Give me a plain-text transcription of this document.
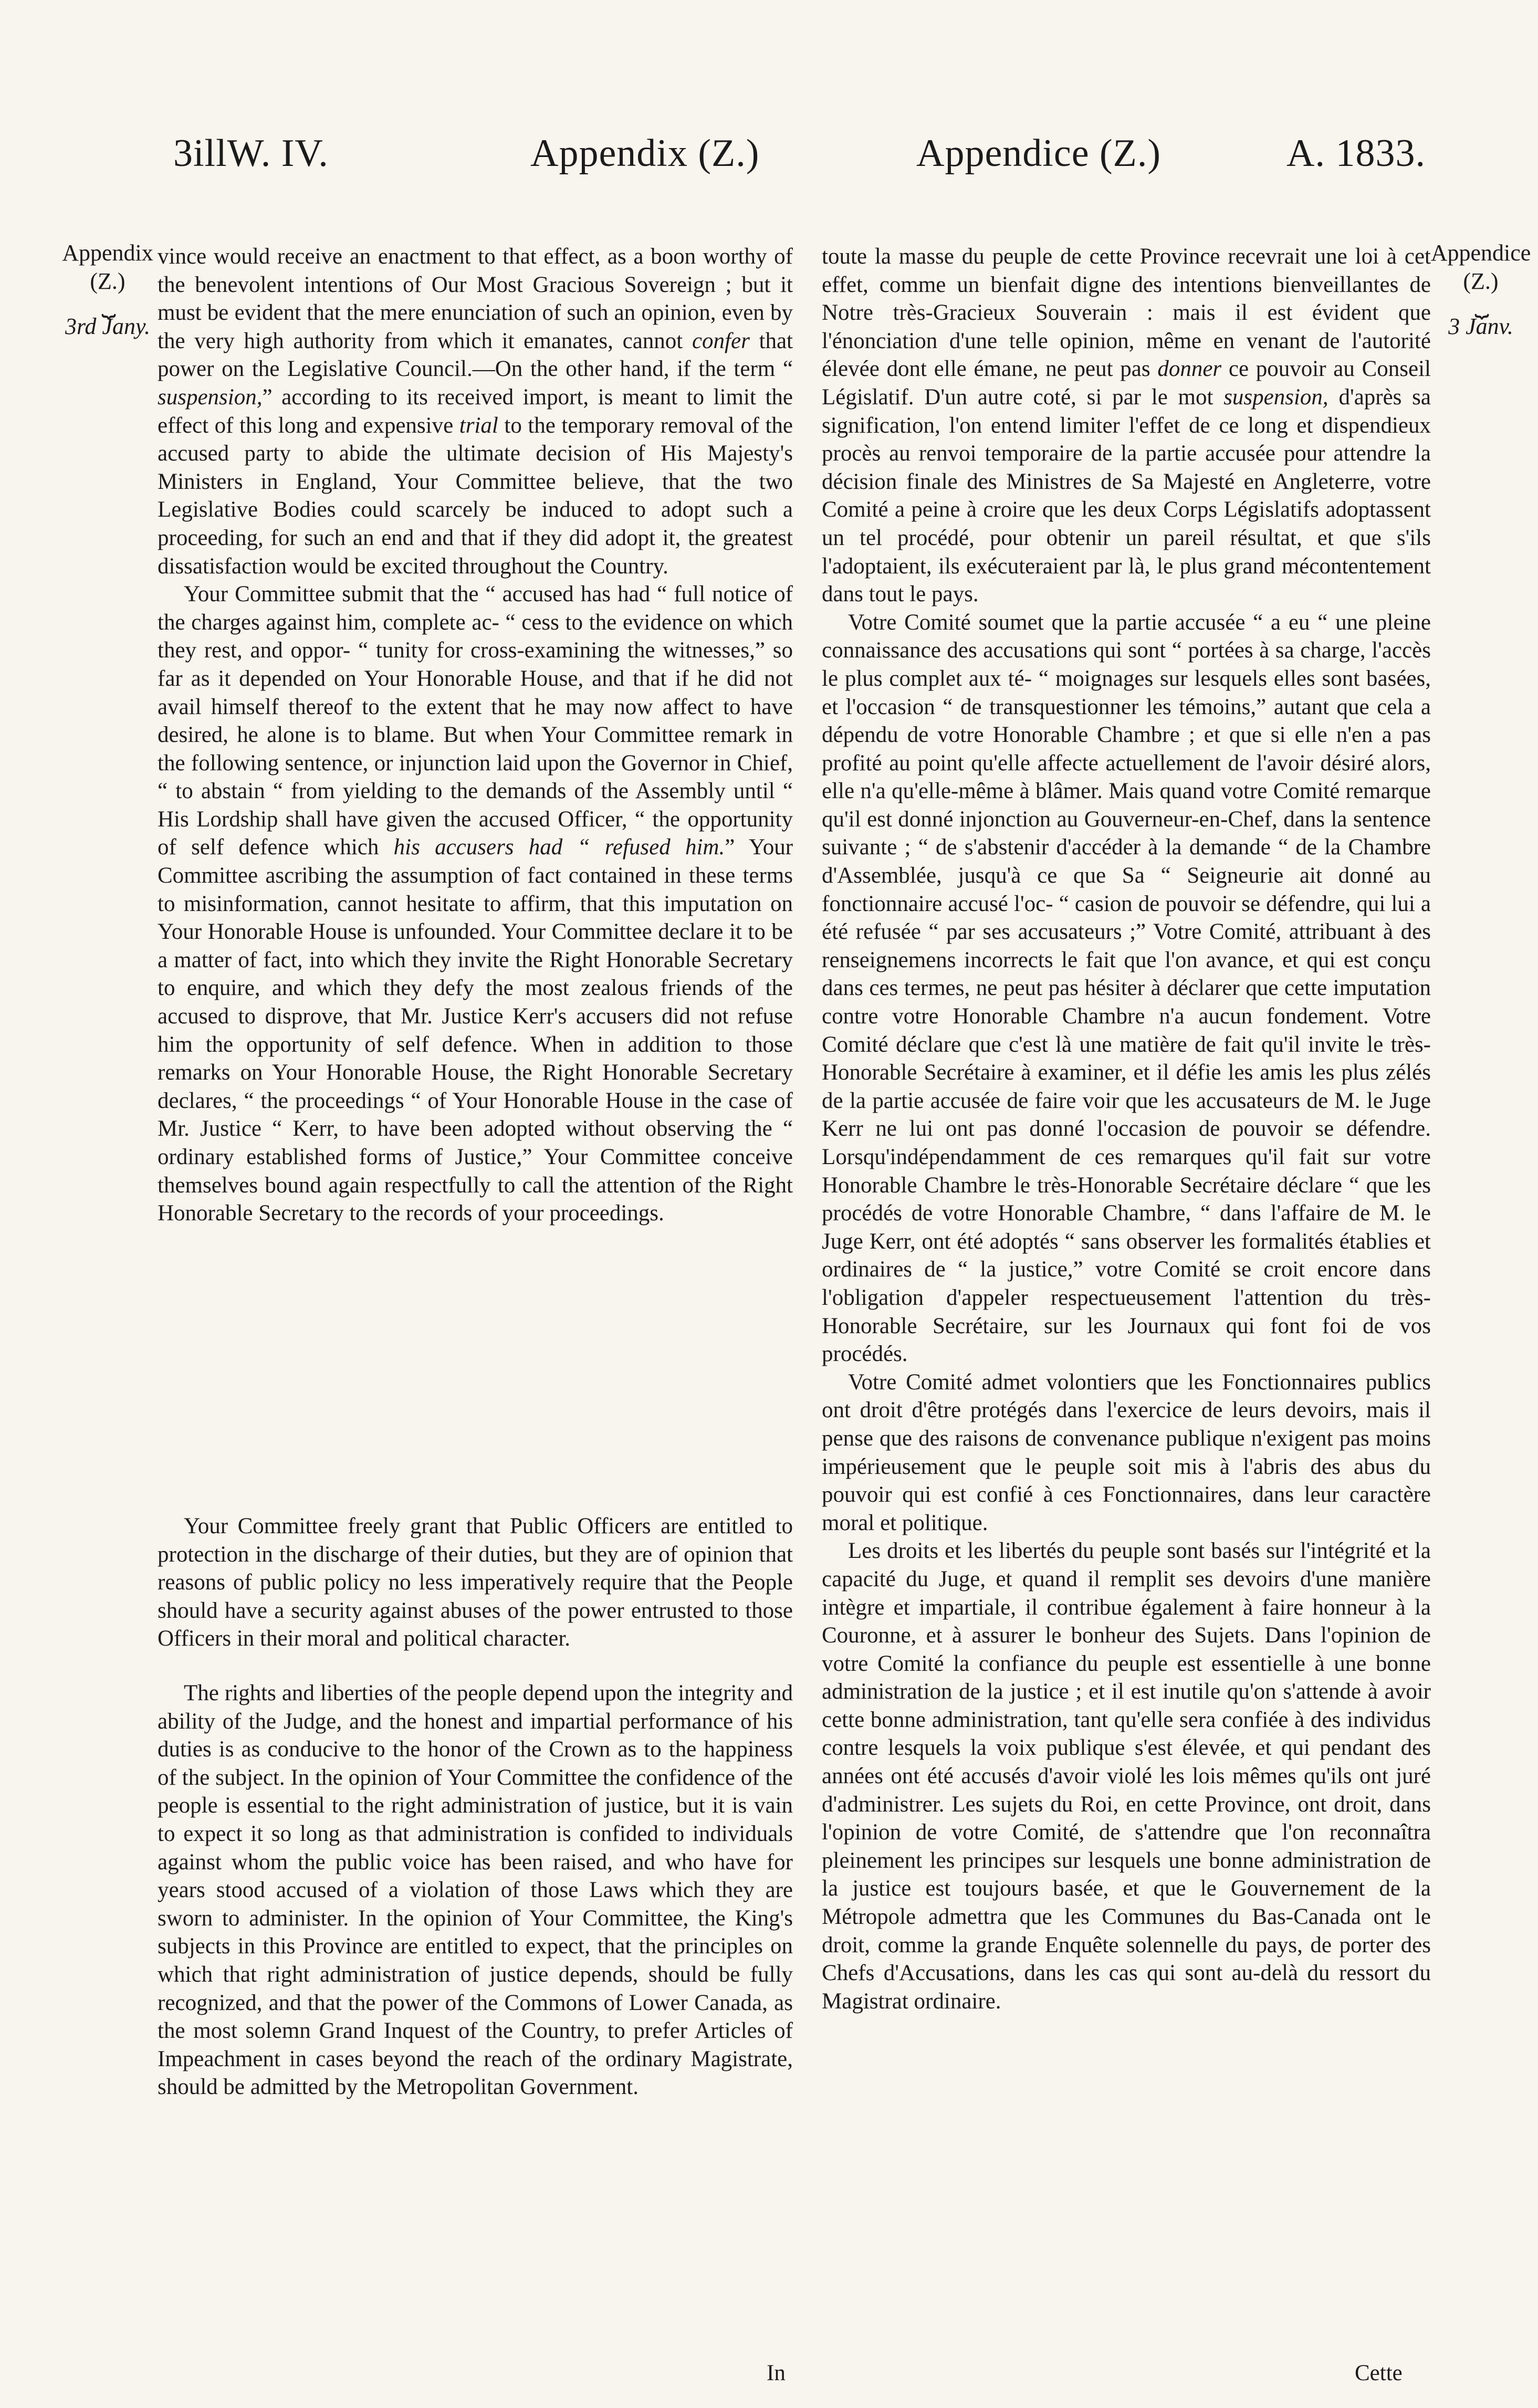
3illW. IV.	Appendix (Z.)	Appendice (Z.)	A. 1833.
Appendix
(Z.)
⏟
3rd Jany.
Appendice
(Z.)
⏟
3 Janv.

vince would receive an enactment to that effect, as a boon worthy of the benevolent intentions of Our Most Gracious Sovereign ; but it must be evident that the mere enunciation of such an opinion, even by the very high authority from which it emanates, cannot confer that power on the Legislative Council.—On the other hand, if the term “ suspension,” according to its received import, is meant to limit the effect of this long and expensive trial to the temporary removal of the accused party to abide the ultimate decision of His Majesty's Ministers in England, Your Committee believe, that the two Legislative Bodies could scarcely be induced to adopt such a proceeding, for such an end and that if they did adopt it, the greatest dissatisfaction would be excited throughout the Country.

Your Committee submit that the “ accused has had “ full notice of the charges against him, complete ac- “ cess to the evidence on which they rest, and oppor- “ tunity for cross-examining the witnesses,” so far as it depended on Your Honorable House, and that if he did not avail himself thereof to the extent that he may now affect to have desired, he alone is to blame. But when Your Committee remark in the following sentence, or injunction laid upon the Governor in Chief, “ to abstain “ from yielding to the demands of the Assembly until “ His Lordship shall have given the accused Officer, “ the opportunity of self defence which his accusers had “ refused him.” Your Committee ascribing the assumption of fact contained in these terms to misinformation, cannot hesitate to affirm, that this imputation on Your Honorable House is unfounded. Your Committee declare it to be a matter of fact, into which they invite the Right Honorable Secretary to enquire, and which they defy the most zealous friends of the accused to disprove, that Mr. Justice Kerr's accusers did not refuse him the opportunity of self defence. When in addition to those remarks on Your Honorable House, the Right Honorable Secretary declares, “ the proceedings “ of Your Honorable House in the case of Mr. Justice “ Kerr, to have been adopted without observing the “ ordinary established forms of Justice,” Your Committee conceive themselves bound again respectfully to call the attention of the Right Honorable Secretary to the records of your proceedings.

Your Committee freely grant that Public Officers are entitled to protection in the discharge of their duties, but they are of opinion that reasons of public policy no less imperatively require that the People should have a security against abuses of the power entrusted to those Officers in their moral and political character.

The rights and liberties of the people depend upon the integrity and ability of the Judge, and the honest and impartial performance of his duties is as conducive to the honor of the Crown as to the happiness of the subject. In the opinion of Your Committee the confidence of the people is essential to the right administration of justice, but it is vain to expect it so long as that administration is confided to individuals against whom the public voice has been raised, and who have for years stood accused of a violation of those Laws which they are sworn to administer. In the opinion of Your Committee, the King's subjects in this Province are entitled to expect, that the principles on which that right administration of justice depends, should be fully recognized, and that the power of the Commons of Lower Canada, as the most solemn Grand Inquest of the Country, to prefer Articles of Impeachment in cases beyond the reach of the ordinary Magistrate, should be admitted by the Metropolitan Government.

toute la masse du peuple de cette Province recevrait une loi à cet effet, comme un bienfait digne des intentions bienveillantes de Notre très-Gracieux Souverain : mais il est évident que l'énonciation d'une telle opinion, même en venant de l'autorité élevée dont elle émane, ne peut pas donner ce pouvoir au Conseil Législatif. D'un autre coté, si par le mot suspension, d'après sa signification, l'on entend limiter l'effet de ce long et dispendieux procès au renvoi temporaire de la partie accusée pour attendre la décision finale des Ministres de Sa Majesté en Angleterre, votre Comité a peine à croire que les deux Corps Législatifs adoptassent un tel procédé, pour obtenir un pareil résultat, et que s'ils l'adoptaient, ils exécuteraient par là, le plus grand mécontentement dans tout le pays.

Votre Comité soumet que la partie accusée “ a eu “ une pleine connaissance des accusations qui sont “ portées à sa charge, l'accès le plus complet aux té- “ moignages sur lesquels elles sont basées, et l'occasion “ de transquestionner les témoins,” autant que cela a dépendu de votre Honorable Chambre ; et que si elle n'en a pas profité au point qu'elle affecte actuellement de l'avoir désiré alors, elle n'a qu'elle-même à blâmer. Mais quand votre Comité remarque qu'il est donné injonction au Gouverneur-en-Chef, dans la sentence suivante ; “ de s'abstenir d'accéder à la demande “ de la Chambre d'Assemblée, jusqu'à ce que Sa “ Seigneurie ait donné au fonctionnaire accusé l'oc- “ casion de pouvoir se défendre, qui lui a été refusée “ par ses accusateurs ;” Votre Comité, attribuant à des renseignemens incorrects le fait que l'on avance, et qui est conçu dans ces termes, ne peut pas hésiter à déclarer que cette imputation contre votre Honorable Chambre n'a aucun fondement. Votre Comité déclare que c'est là une matière de fait qu'il invite le très-Honorable Secrétaire à examiner, et il défie les amis les plus zélés de la partie accusée de faire voir que les accusateurs de M. le Juge Kerr ne lui ont pas donné l'occasion de pouvoir se défendre. Lorsqu'indépendamment de ces remarques qu'il fait sur votre Honorable Chambre le très-Honorable Secrétaire déclare “ que les procédés de votre Honorable Chambre, “ dans l'affaire de M. le Juge Kerr, ont été adoptés “ sans observer les formalités établies et ordinaires de “ la justice,” votre Comité se croit encore dans l'obligation d'appeler respectueusement l'attention du très-Honorable Secrétaire, sur les Journaux qui font foi de vos procédés.

Votre Comité admet volontiers que les Fonctionnaires publics ont droit d'être protégés dans l'exercice de leurs devoirs, mais il pense que des raisons de convenance publique n'exigent pas moins impérieusement que le peuple soit mis à l'abris des abus du pouvoir qui est confié à ces Fonctionnaires, dans leur caractère moral et politique.

Les droits et les libertés du peuple sont basés sur l'intégrité et la capacité du Juge, et quand il remplit ses devoirs d'une manière intègre et impartiale, il contribue également à faire honneur à la Couronne, et à assurer le bonheur des Sujets. Dans l'opinion de votre Comité la confiance du peuple est essentielle à une bonne administration de la justice ; et il est inutile qu'on s'attende à avoir cette bonne administration, tant qu'elle sera confiée à des individus contre lesquels la voix publique s'est élevée, et qui pendant des années ont été accusés d'avoir violé les lois mêmes qu'ils ont juré d'administrer. Les sujets du Roi, en cette Province, ont droit, dans l'opinion de votre Comité, de s'attendre que l'on reconnaîtra pleinement les principes sur lesquels une bonne administration de la justice est toujours basée, et que le Gouvernement de la Métropole admettra que les Communes du Bas-Canada ont le droit, comme la grande Enquête solennelle du pays, de porter des Chefs d'Accusations, dans les cas qui sont au-delà du ressort du Magistrat ordinaire.

In	Cette
